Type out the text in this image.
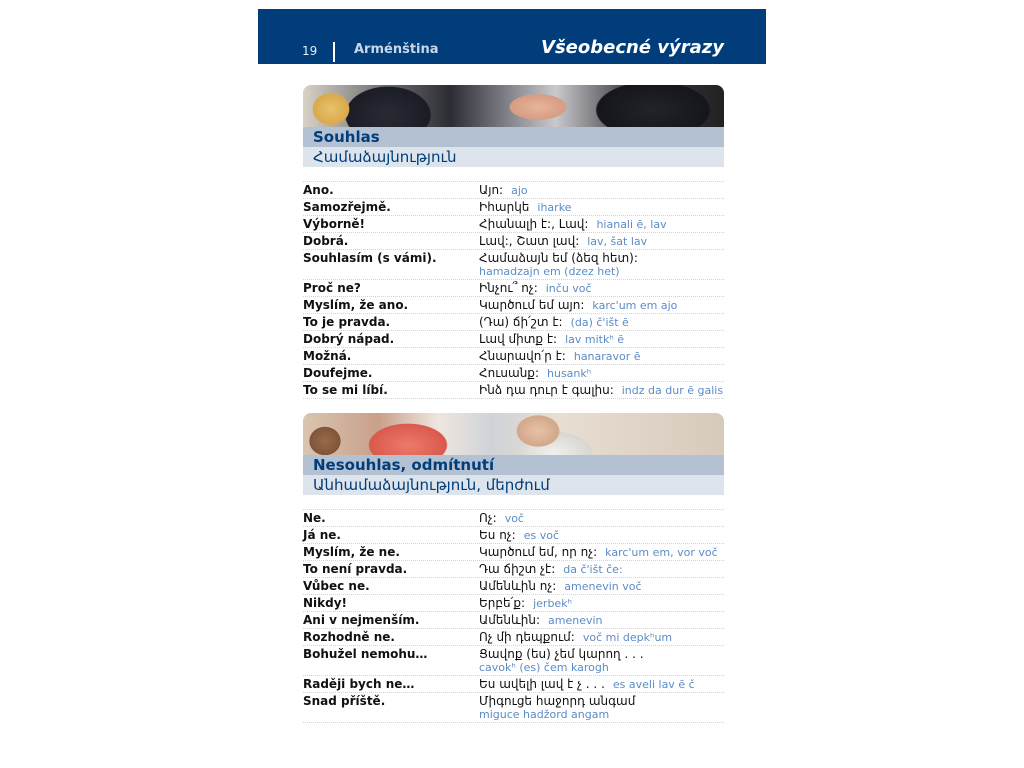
19	Arménština	Všeobecné výrazy
Souhlas
Համաձայնություն
Ano.	Այո: ajo
Samozřejmě.	Իհարկե iharke
Výborně!	Հիանալի է:, Լավ: hianali ē, lav
Dobrá.	Լավ:, Շատ լավ: lav, šat lav
Souhlasím (s vámi).	Համաձայն եմ (ձեզ հետ):
hamadzajn em (dzez het)
Proč ne?	Ինչու՞ ոչ: inču voč
Myslím, že ano.	Կարծում եմ այո: karc'um em ajo
To je pravda.	(Դա) ճի՛շտ է: (da) č'išt ē
Dobrý nápad.	Լավ միտք է: lav mitkʰ ē
Možná.	Հնարավո՛ր է: hanaravor ē
Doufejme.	Հուսանք: husankʰ
To se mi líbí.	Ինձ դա դուր է գալիս: indz da dur ē galis
Nesouhlas, odmítnutí
Անհամաձայնություն, մերժում
Ne.	Ոչ: voč
Já ne.	Ես ոչ: es voč
Myslím, že ne.	Կարծում եմ, որ ոչ: karc'um em, vor voč
To není pravda.	Դա ճիշտ չէ: da č'išt če:
Vůbec ne.	Ամենևին ոչ: amenevin voč
Nikdy!	Երբե՛ք: jerbekʰ
Ani v nejmenším.	Ամենևին: amenevin
Rozhodně ne.	Ոչ մի դեպքում: voč mi depkʰum
Bohužel nemohu…	Ցավոք (ես) չեմ կարող . . .
cavokʰ (es) čem karogh
Raději bych ne…	Ես ավելի լավ է չ . . . es aveli lav ē č
Snad příště.	Միգուցե հաջորդ անգամ
miguce hadžord angam
